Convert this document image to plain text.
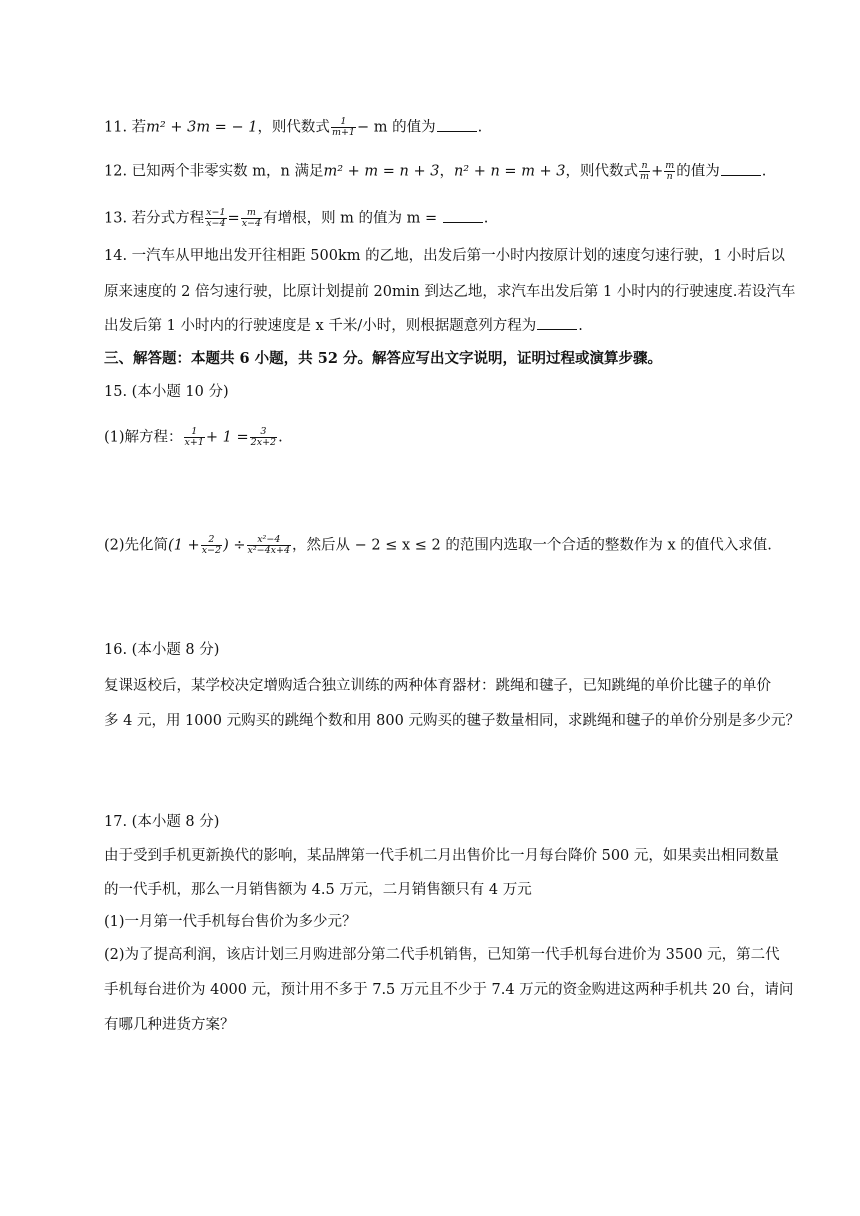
11. 若m² + 3m = − 1，则代数式 $\frac{1}{m+1} - m$ 的值为	.
12. 已知两个非零实数 m，n 满足m² + m = n + 3，n² + n = m + 3，则代数式 $\frac{n}{m} + \frac{m}{n}$ 的值为	.
13. 若分式方程 $\frac{x-1}{x-4} = \frac{m}{x-4}$ 有增根，则 m 的值为 m =	.
14. 一汽车从甲地出发开往相距 500km 的乙地，出发后第一小时内按原计划的速度匀速行驶，1 小时后以
原来速度的 2 倍匀速行驶，比原计划提前 20min 到达乙地，求汽车出发后第 1 小时内的行驶速度.若设汽车
出发后第 1 小时内的行驶速度是 x 千米/小时，则根据题意列方程为	.
三、解答题：本题共 6 小题，共 52 分。解答应写出文字说明，证明过程或演算步骤。
15. (本小题 10 分)
(1)解方程： $\frac{1}{x+1} + 1 = \frac{3}{2x+2}$ .
(2)先化简($1 + \frac{2}{x-2}$ ) ÷ $\frac{\text{x²−4}}{\text{x²−4x+4}}$ ，然后从 − 2 ≤ x ≤ 2 的范围内选取一个合适的整数作为 x 的值代入求值.
16. (本小题 8 分)
复课返校后，某学校决定增购适合独立训练的两种体育器材：跳绳和毽子，已知跳绳的单价比毽子的单价
多 4 元，用 1000 元购买的跳绳个数和用 800 元购买的毽子数量相同，求跳绳和毽子的单价分别是多少元？
17. (本小题 8 分)
由于受到手机更新换代的影响，某品牌第一代手机二月出售价比一月每台降价 500 元，如果卖出相同数量
的一代手机，那么一月销售额为 4.5 万元，二月销售额只有 4 万元
(1)一月第一代手机每台售价为多少元？
(2)为了提高利润，该店计划三月购进部分第二代手机销售，已知第一代手机每台进价为 3500 元，第二代
手机每台进价为 4000 元，预计用不多于 7.5 万元且不少于 7.4 万元的资金购进这两种手机共 20 台，请问
有哪几种进货方案？
